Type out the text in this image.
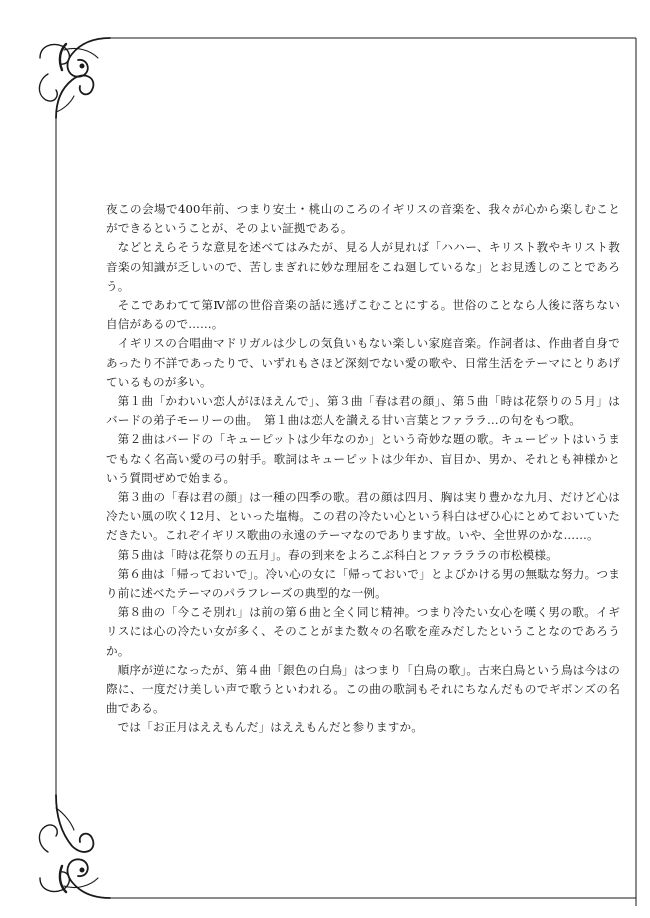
夜この会場で400年前、つまり安土・桃山のころのイギリスの音楽を、我々が心から楽しむことができるということが、そのよい証拠である。

などとえらそうな意見を述べてはみたが、見る人が見れば「ハハー、キリスト教やキリスト教音楽の知識が乏しいので、苦しまぎれに妙な理屈をこね廻しているな」とお見透しのことであろう。

そこであわてて第Ⅳ部の世俗音楽の話に逃げこむことにする。世俗のことなら人後に落ちない自信があるので……。

イギリスの合唱曲マドリガルは少しの気負いもない楽しい家庭音楽。作詞者は、作曲者自身であったり不詳であったりで、いずれもさほど深刻でない愛の歌や、日常生活をテーマにとりあげているものが多い。

第１曲「かわいい恋人がほほえんで」、第３曲「春は君の顔」、第５曲「時は花祭りの５月」はバードの弟子モーリーの曲。　第１曲は恋人を讃える甘い言葉とファララ…の句をもつ歌。

第２曲はバードの「キューピットは少年なのか」という奇妙な題の歌。キューピットはいうまでもなく名高い愛の弓の射手。歌詞はキューピットは少年か、盲目か、男か、それとも神様かという質問ぜめで始まる。

第３曲の「春は君の顔」は一種の四季の歌。君の顔は四月、胸は実り豊かな九月、だけど心は冷たい風の吹く12月、といった塩梅。この君の冷たい心という科白はぜひ心にとめておいていただきたい。これぞイギリス歌曲の永遠のテーマなのであります故。いや、全世界のかな……。

第５曲は「時は花祭りの五月」。春の到来をよろこぶ科白とファラララの市松模様。

第６曲は「帰っておいで」。冷い心の女に「帰っておいで」とよびかける男の無駄な努力。つまり前に述べたテーマのパラフレーズの典型的な一例。

第８曲の「今こそ別れ」は前の第６曲と全く同じ精神。つまり冷たい女心を嘆く男の歌。イギリスには心の冷たい女が多く、そのことがまた数々の名歌を産みだしたということなのであろうか。

順序が逆になったが、第４曲「銀色の白鳥」はつまり「白鳥の歌」。古来白鳥という鳥は今はの際に、一度だけ美しい声で歌うといわれる。この曲の歌詞もそれにちなんだものでギボンズの名曲である。

では「お正月はええもんだ」はええもんだと参りますか。
